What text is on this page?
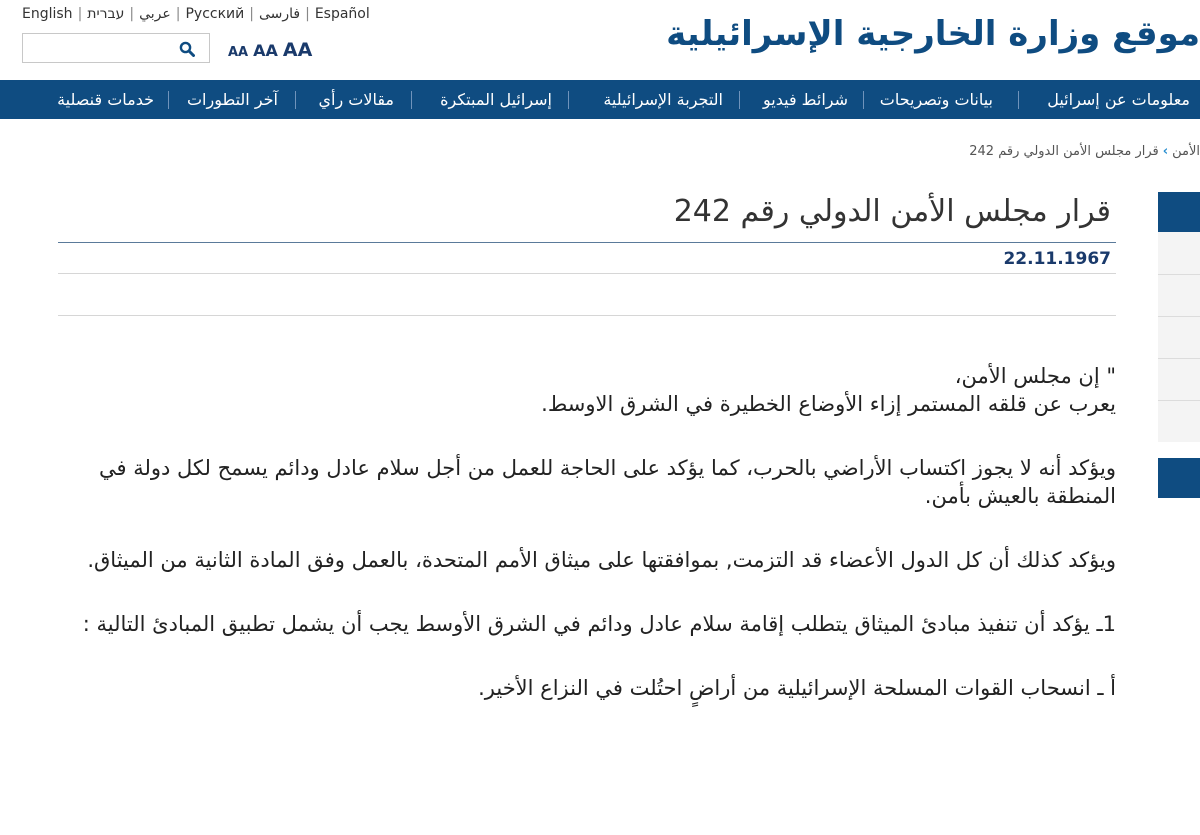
English |	عربي|עברית	| Русский | فارسی | Español
AA AA AA	موقع وزارة الخارجية الإسرائيلية
معلومات عن إسرائيل
بيانات وتصريحات
شرائط فيديو
التجربة الإسرائيلية
إسرائيل المبتكرة
مقالات رأي
آخر التطورات
خدمات قنصلية
الأمن›قرار مجلس الأمن الدولي رقم 242
قرار مجلس الأمن الدولي رقم 242
22.11.1967

" إن مجلس الأمن،
يعرب عن قلقه المستمر إزاء الأوضاع الخطيرة في الشرق الاوسط.

ويؤكد أنه لا يجوز اكتساب الأراضي بالحرب، كما يؤكد على الحاجة للعمل من أجل سلام عادل ودائم يسمح لكل دولة في المنطقة بالعيش بأمن.

ويؤكد كذلك أن كل الدول الأعضاء قد التزمت, بموافقتها على ميثاق الأمم المتحدة، بالعمل وفق المادة الثانية من الميثاق.

1ـ يؤكد أن تنفيذ مبادئ الميثاق يتطلب إقامة سلام عادل ودائم في الشرق الأوسط يجب أن يشمل تطبيق المبادئ التالية :

أ ـ انسحاب القوات المسلحة الإسرائيلية من أراضٍ احتُلت في النزاع الأخير.
